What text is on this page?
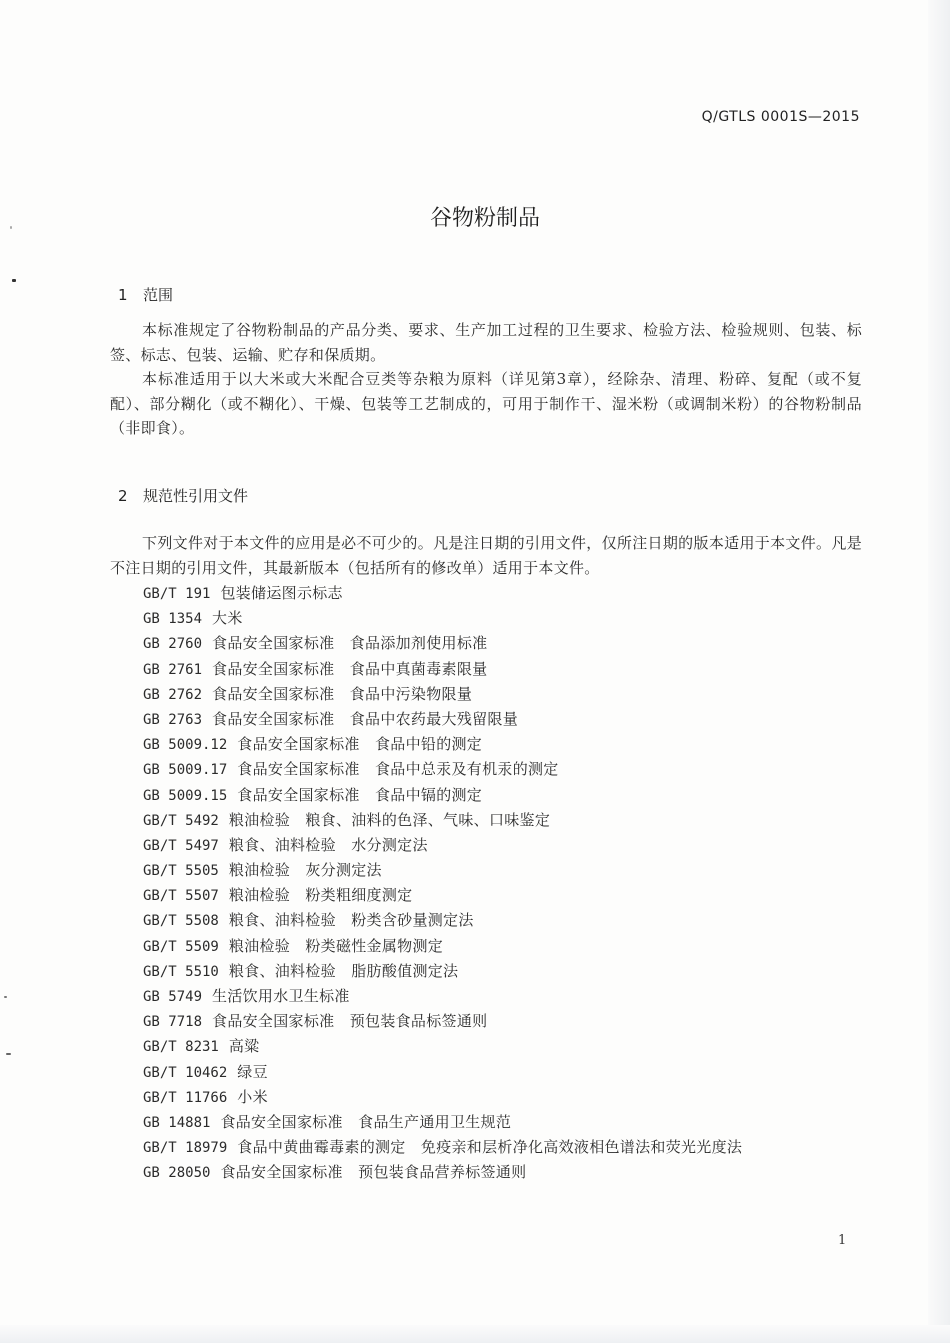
Q/GTLS 0001S—2015
谷物粉制品
1 范围

本标准规定了谷物粉制品的产品分类、要求、生产加工过程的卫生要求、检验方法、检验规则、包装、标签、标志、包装、运输、贮存和保质期。

本标准适用于以大米或大米配合豆类等杂粮为原料（详见第3章），经除杂、清理、粉碎、复配（或不复配）、部分糊化（或不糊化）、干燥、包装等工艺制成的，可用于制作干、湿米粉（或调制米粉）的谷物粉制品（非即食）。

2 规范性引用文件

下列文件对于本文件的应用是必不可少的。凡是注日期的引用文件，仅所注日期的版本适用于本文件。凡是不注日期的引用文件，其最新版本（包括所有的修改单）适用于本文件。

GB/T 191 包装储运图示标志
GB 1354 大米
GB 2760 食品安全国家标准　食品添加剂使用标准
GB 2761 食品安全国家标准　食品中真菌毒素限量
GB 2762 食品安全国家标准　食品中污染物限量
GB 2763 食品安全国家标准　食品中农药最大残留限量
GB 5009.12 食品安全国家标准　食品中铅的测定
GB 5009.17 食品安全国家标准　食品中总汞及有机汞的测定
GB 5009.15 食品安全国家标准　食品中镉的测定
GB/T 5492 粮油检验　粮食、油料的色泽、气味、口味鉴定
GB/T 5497 粮食、油料检验　水分测定法
GB/T 5505 粮油检验　灰分测定法
GB/T 5507 粮油检验　粉类粗细度测定
GB/T 5508 粮食、油料检验　粉类含砂量测定法
GB/T 5509 粮油检验　粉类磁性金属物测定
GB/T 5510 粮食、油料检验　脂肪酸值测定法
GB 5749 生活饮用水卫生标准
GB 7718 食品安全国家标准　预包装食品标签通则
GB/T 8231 高粱
GB/T 10462 绿豆
GB/T 11766 小米
GB 14881 食品安全国家标准　食品生产通用卫生规范
GB/T 18979 食品中黄曲霉毒素的测定　免疫亲和层析净化高效液相色谱法和荧光光度法
GB 28050 食品安全国家标准　预包装食品营养标签通则
1
